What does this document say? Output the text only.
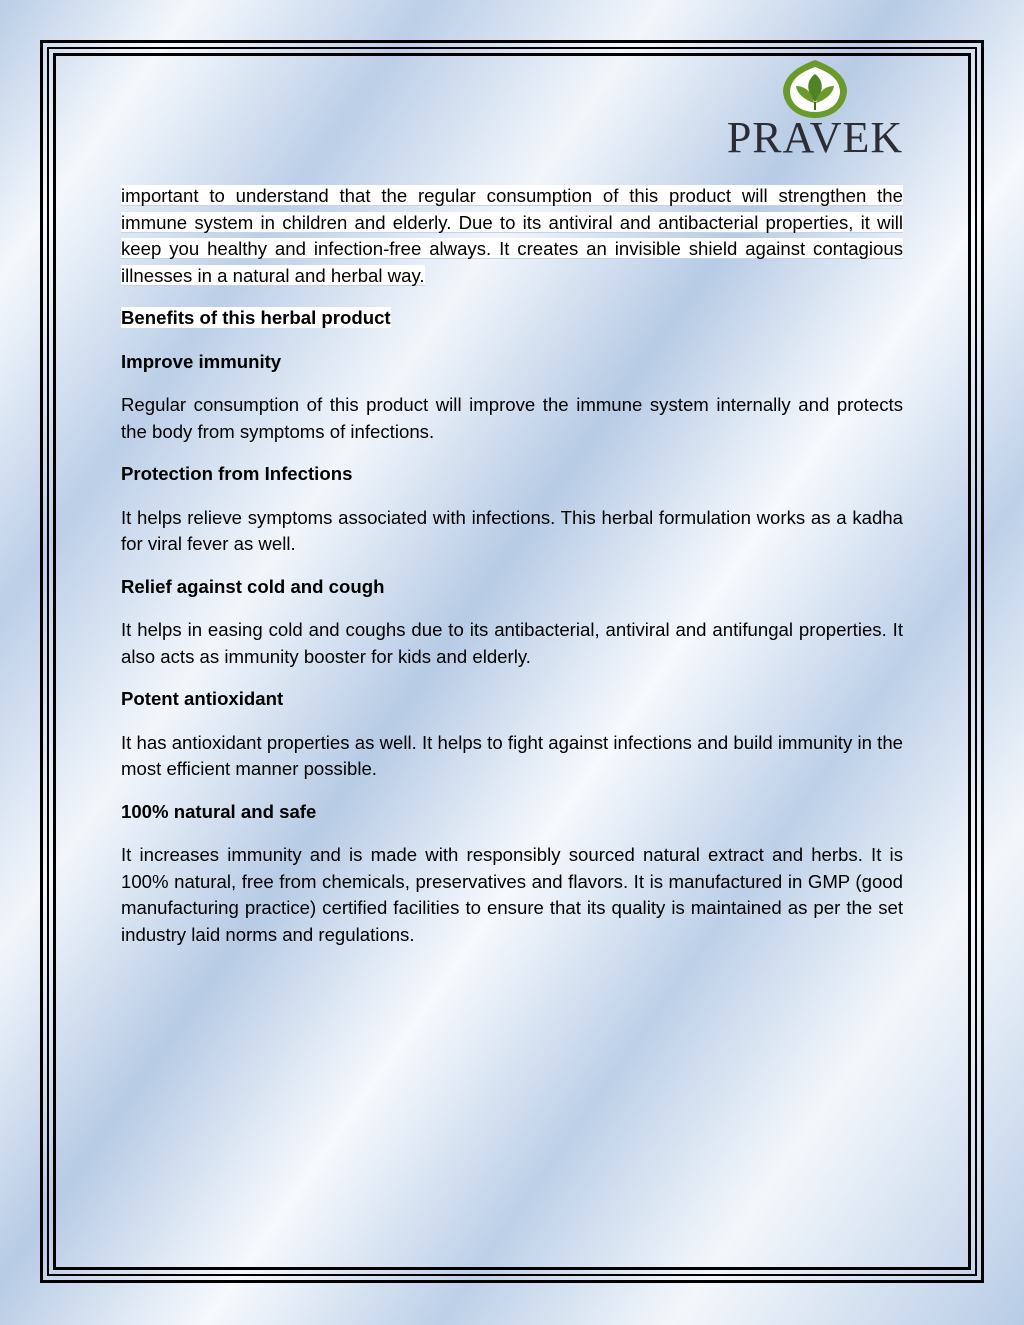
PRAVEK

important to understand that the regular consumption of this product will strengthen the immune system in children and elderly. Due to its antiviral and antibacterial properties, it will keep you healthy and infection-free always. It creates an invisible shield against contagious illnesses in a natural and herbal way.

Benefits of this herbal product

Improve immunity

Regular consumption of this product will improve the immune system internally and protects the body from symptoms of infections.

Protection from Infections

It helps relieve symptoms associated with infections. This herbal formulation works as a kadha for viral fever as well.

Relief against cold and cough

It helps in easing cold and coughs due to its antibacterial, antiviral and antifungal properties. It also acts as immunity booster for kids and elderly.

Potent antioxidant

It has antioxidant properties as well. It helps to fight against infections and build immunity in the most efficient manner possible.

100% natural and safe

It increases immunity and is made with responsibly sourced natural extract and herbs. It is 100% natural, free from chemicals, preservatives and flavors. It is manufactured in GMP (good manufacturing practice) certified facilities to ensure that its quality is maintained as per the set industry laid norms and regulations.
